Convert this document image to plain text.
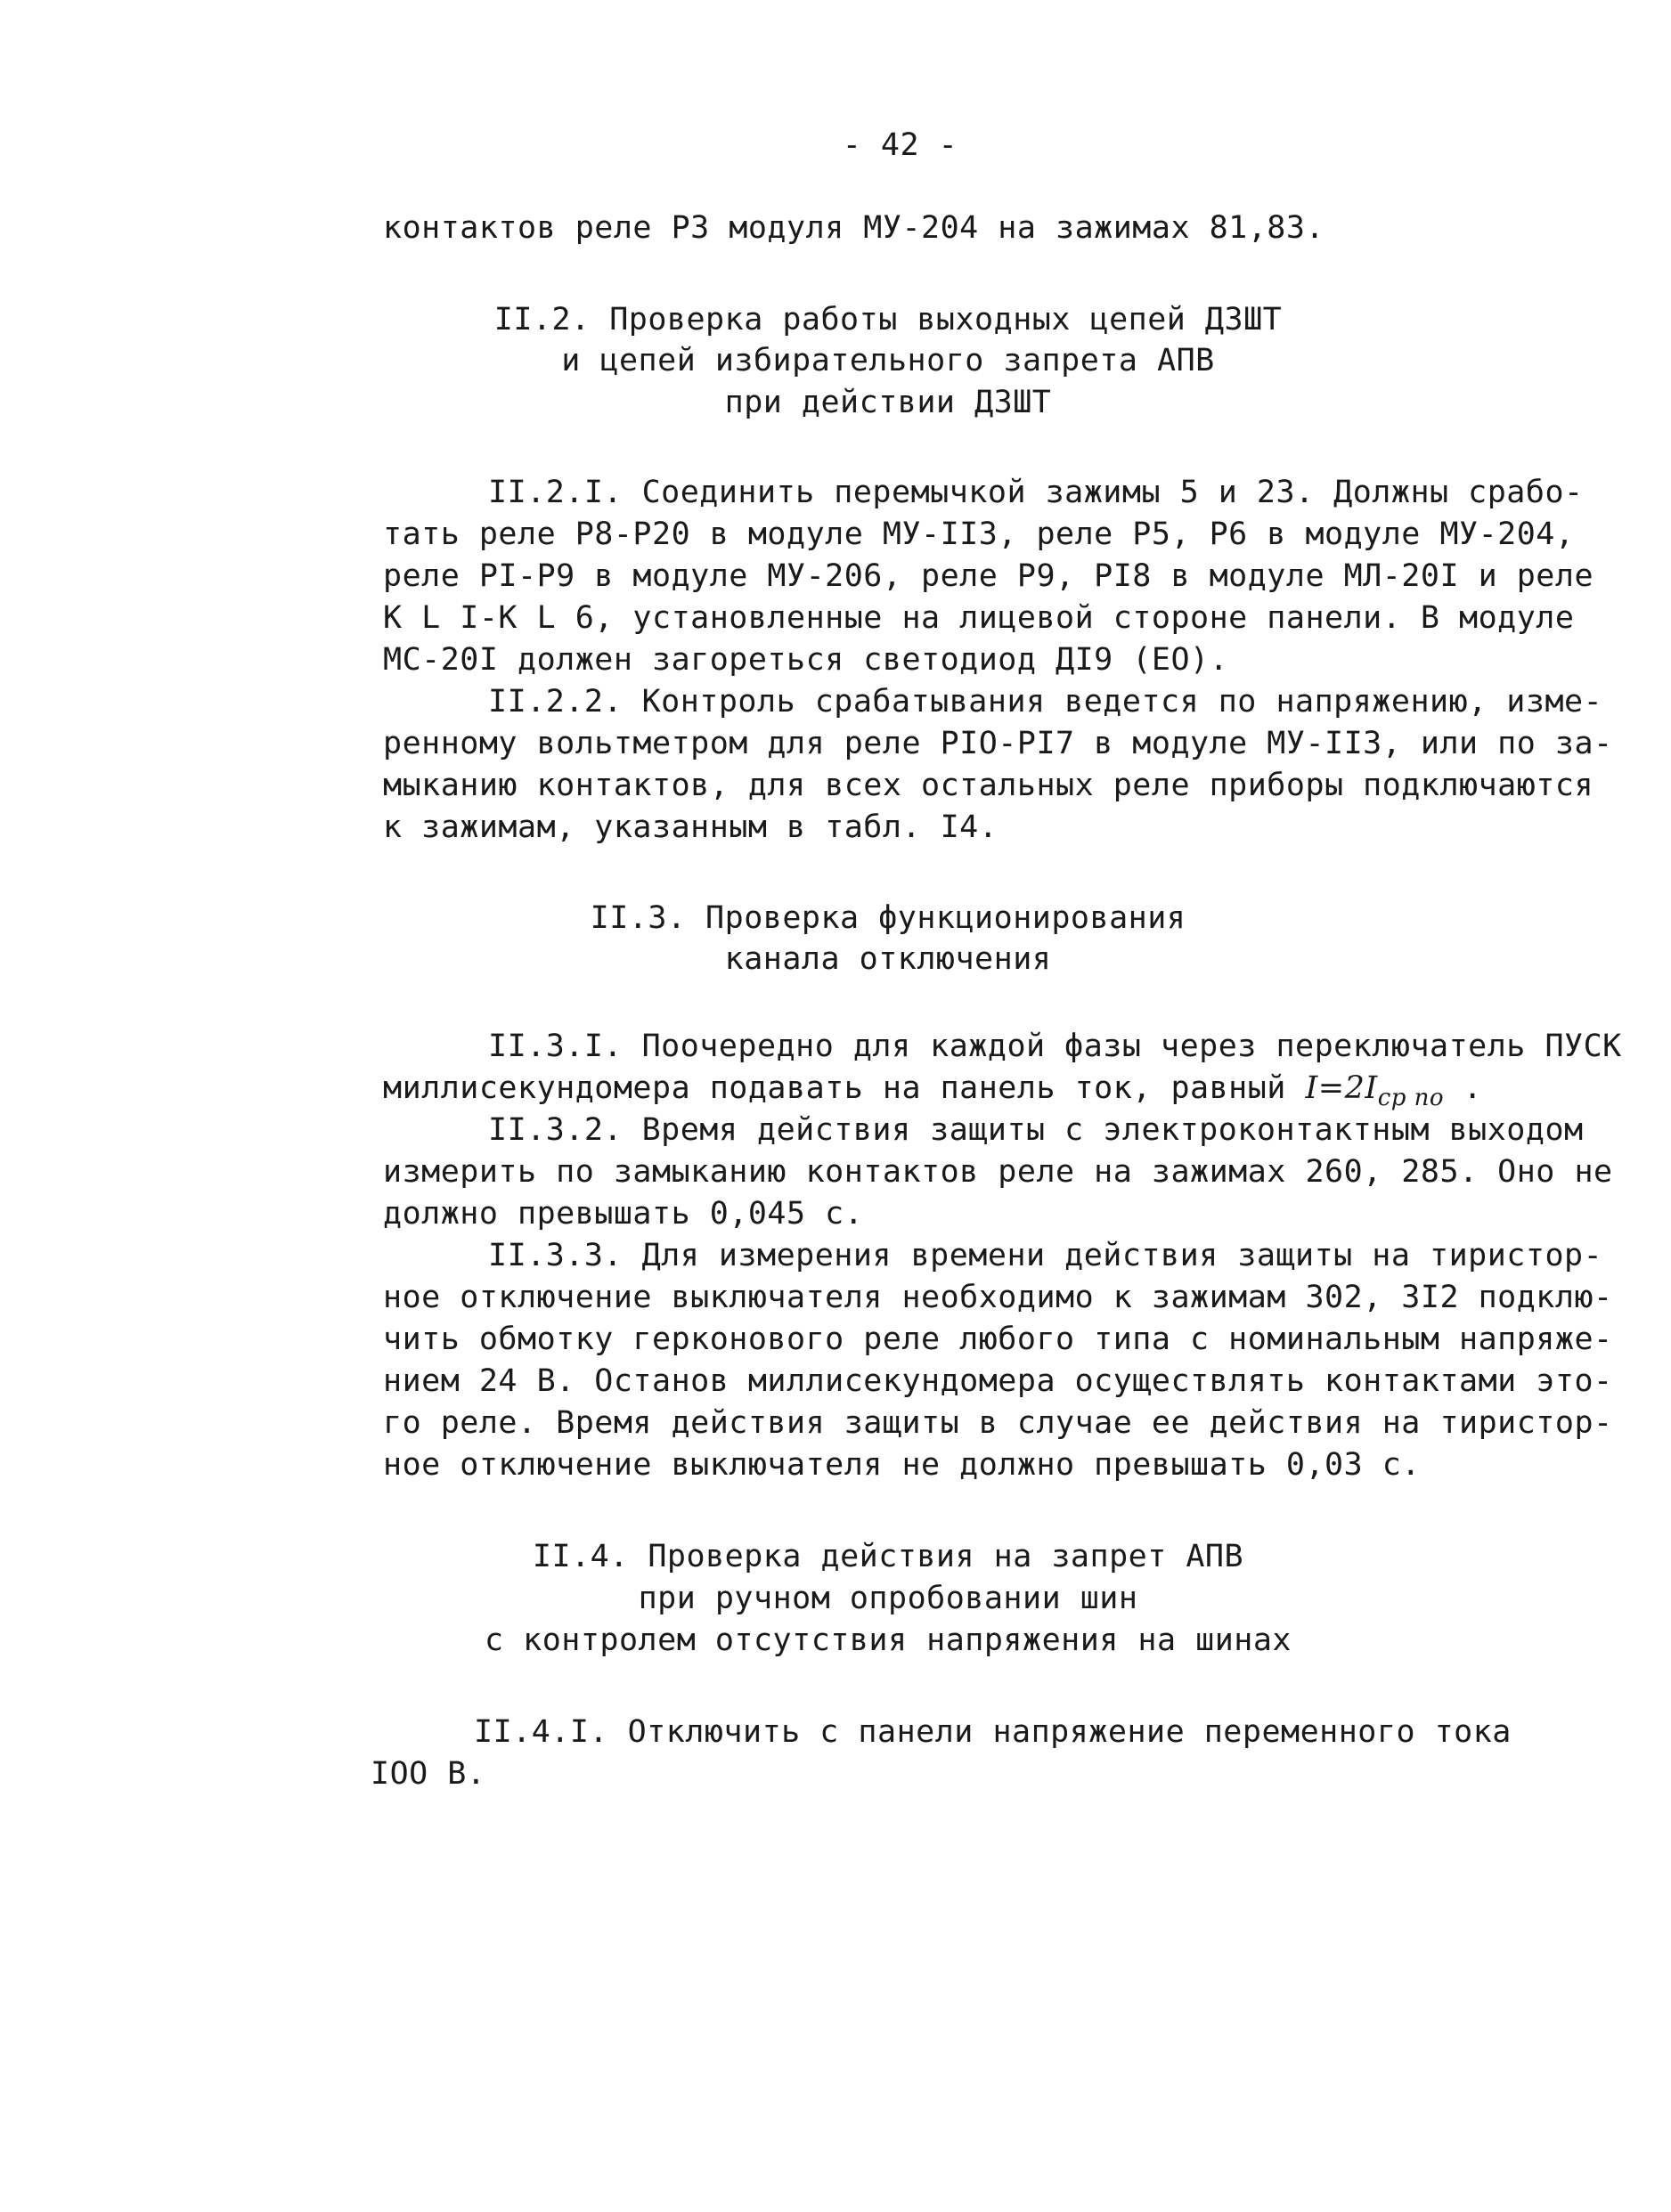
- 42 -
контактов реле Р3 модуля МУ-204 на зажимах 81,83.
II.2. Проверка работы выходных цепей ДЗШТ
и цепей избирательного запрета АПВ
при действии ДЗШТ
II.2.I. Соединить перемычкой зажимы 5 и 23. Должны срабо-
тать реле Р8-Р20 в модуле МУ-II3, реле Р5, Р6 в модуле МУ-204,
реле РI-Р9 в модуле МУ-206, реле Р9, РI8 в модуле МЛ-20I и реле
К L I-К L 6, установленные на лицевой стороне панели. В модуле
МС-20I должен загореться светодиод ДI9 (ЕО).
II.2.2. Контроль срабатывания ведется по напряжению, изме-
ренному вольтметром для реле РIО-РI7 в модуле МУ-II3, или по за-
мыканию контактов, для всех остальных реле приборы подключаются
к зажимам, указанным в табл. I4.
II.3. Проверка функционирования
канала отключения
II.3.I. Поочередно для каждой фазы через переключатель ПУСК
миллисекундомера подавать на панель ток, равный $I=2I_{ср по}$ .
II.3.2. Время действия защиты с электроконтактным выходом
измерить по замыканию контактов реле на зажимах 260, 285. Оно не
должно превышать 0,045 с.
II.3.3. Для измерения времени действия защиты на тиристор-
ное отключение выключателя необходимо к зажимам 302, 3I2 подклю-
чить обмотку герконового реле любого типа с номинальным напряже-
нием 24 В. Останов миллисекундомера осуществлять контактами это-
го реле. Время действия защиты в случае ее действия на тиристор-
ное отключение выключателя не должно превышать 0,03 с.
II.4. Проверка действия на запрет АПВ
при ручном опробовании шин
с контролем отсутствия напряжения на шинах
II.4.I. Отключить с панели напряжение переменного тока
IОО В.
